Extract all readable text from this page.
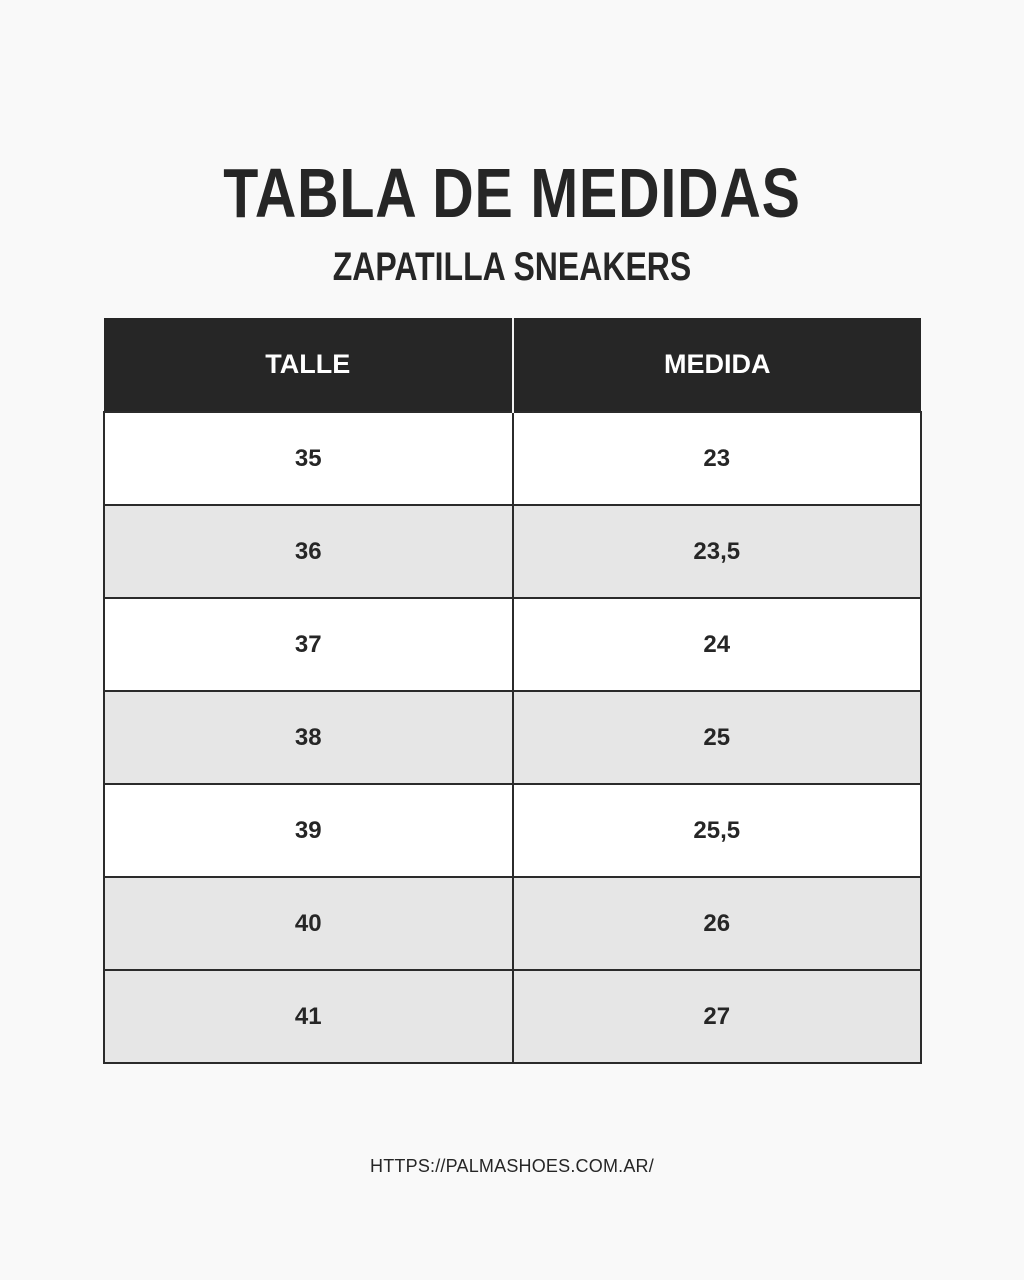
TABLA DE MEDIDAS
ZAPATILLA SNEAKERS
TALLE	MEDIDA
35	23
36	23,5
37	24
38	25
39	25,5
40	26
41	27
HTTPS://PALMASHOES.COM.AR/
